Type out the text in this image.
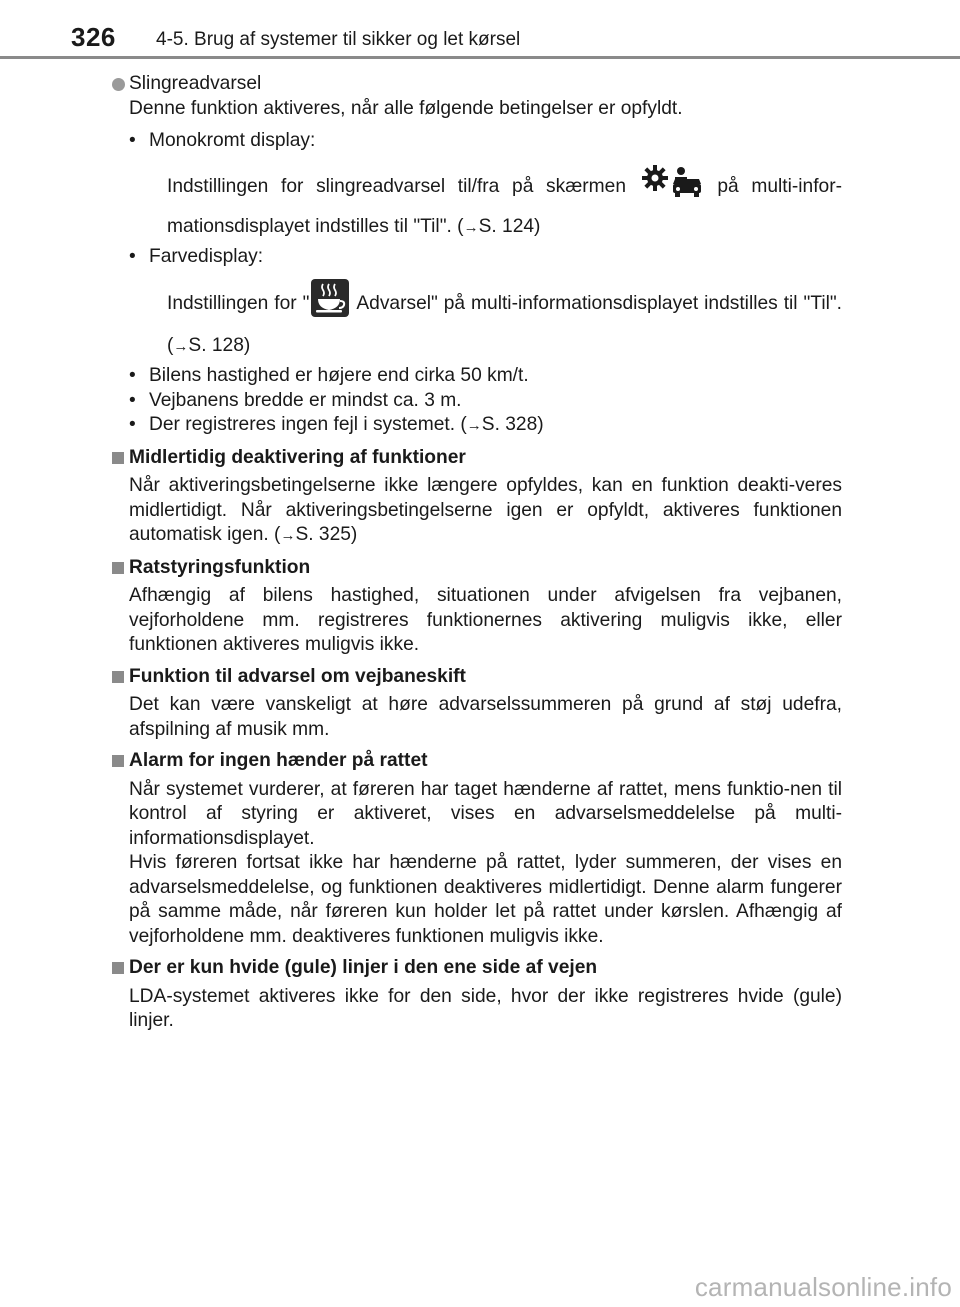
326 4-5. Brug af systemer til sikker og let kørsel

Slingreadvarsel

Denne funktion aktiveres, når alle følgende betingelser er opfyldt.

• Monokromt display:

Indstillingen for slingreadvarsel til/fra på skærmen	på multi-infor-mationsdisplayet indstilles til "Til". (→S. 124)

• Farvedisplay:

Indstillingen for " Advarsel" på multi-informationsdisplayet indstilles til "Til". (→S. 128)

• Bilens hastighed er højere end cirka 50 km/t.
• Vejbanens bredde er mindst ca. 3 m.
• Der registreres ingen fejl i systemet. (→S. 328)

Midlertidig deaktivering af funktioner

Når aktiveringsbetingelserne ikke længere opfyldes, kan en funktion deakti-veres midlertidigt. Når aktiveringsbetingelserne igen er opfyldt, aktiveres funktionen automatisk igen. (→S. 325)

Ratstyringsfunktion

Afhængig af bilens hastighed, situationen under afvigelsen fra vejbanen, vejforholdene mm. registreres funktionernes aktivering muligvis ikke, eller funktionen aktiveres muligvis ikke.

Funktion til advarsel om vejbaneskift

Det kan være vanskeligt at høre advarselssummeren på grund af støj udefra, afspilning af musik mm.

Alarm for ingen hænder på rattet

Når systemet vurderer, at føreren har taget hænderne af rattet, mens funktio-nen til kontrol af styring er aktiveret, vises en advarselsmeddelelse på multi-informationsdisplayet.

Hvis føreren fortsat ikke har hænderne på rattet, lyder summeren, der vises en advarselsmeddelelse, og funktionen deaktiveres midlertidigt. Denne alarm fungerer på samme måde, når føreren kun holder let på rattet under kørslen. Afhængig af vejforholdene mm. deaktiveres funktionen muligvis ikke.

Der er kun hvide (gule) linjer i den ene side af vejen

LDA-systemet aktiveres ikke for den side, hvor der ikke registreres hvide (gule) linjer.

carmanualsonline.info
